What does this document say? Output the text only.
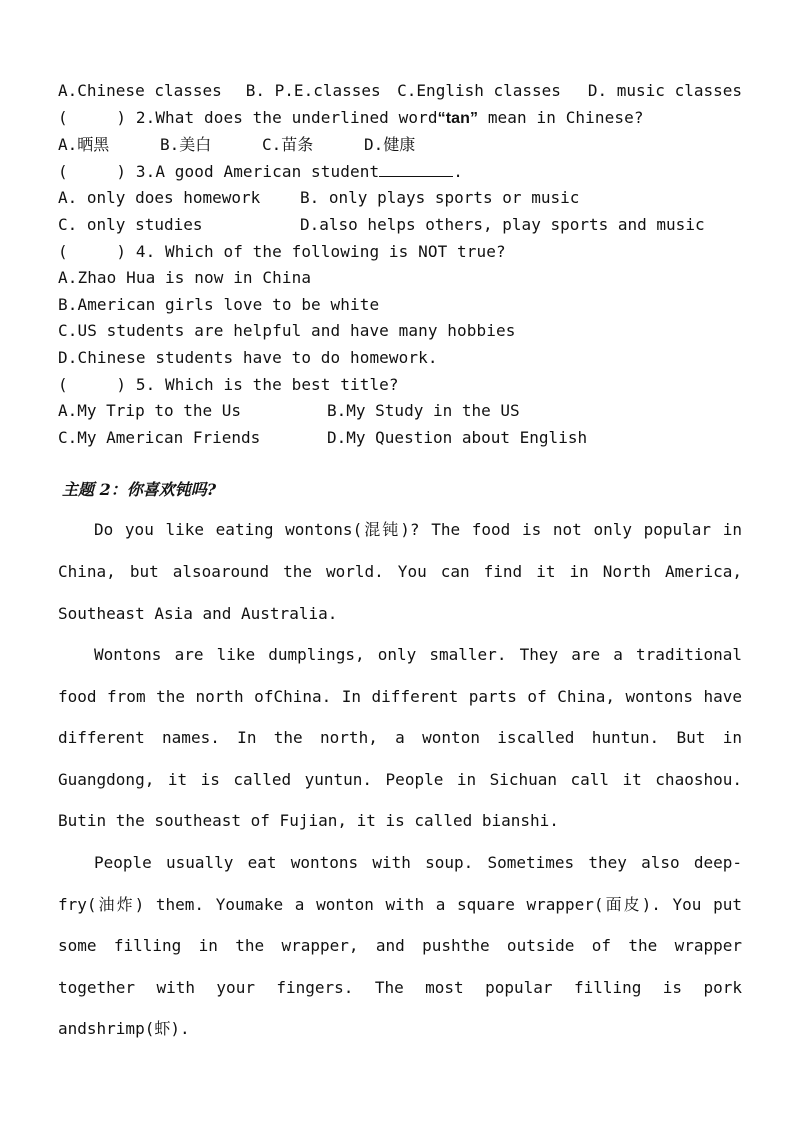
A.Chinese classes	B. P.E.classes	C.English classes	D. music classes
(     ) 2.What does the underlined word“tan” mean in Chinese?
A.晒黑	B.美白	C.苗条	D.健康
(     ) 3.A good American student	.
A. only does homework	B. only plays sports or music
C. only studies	D.also helps others, play sports and music
(     ) 4. Which of the following is NOT true?
A.Zhao Hua is now in China
B.American girls love to be white
C.US students are helpful and have many hobbies
D.Chinese students have to do homework.
(     ) 5. Which is the best title?
A.My Trip to the Us	B.My Study in the US
C.My American Friends	D.My Question about English
主题 2：你喜欢钝吗?

Do you like eating wontons(混钝)? The food is not only popular in China, but alsoaround the world. You can find it in North America, Southeast Asia and Australia.

Wontons are like dumplings, only smaller. They are a traditional food from the north ofChina. In different parts of China, wontons have different names. In the north, a wonton iscalled huntun. But in Guangdong, it is called yuntun. People in Sichuan call it chaoshou. Butin the southeast of Fujian, it is called bianshi.

People usually eat wontons with soup. Sometimes they also deep-fry(油炸) them. Youmake a wonton with a square wrapper(面皮). You put some filling in the wrapper, and pushthe outside of the wrapper together with your fingers. The most popular filling is pork andshrimp(虾).
